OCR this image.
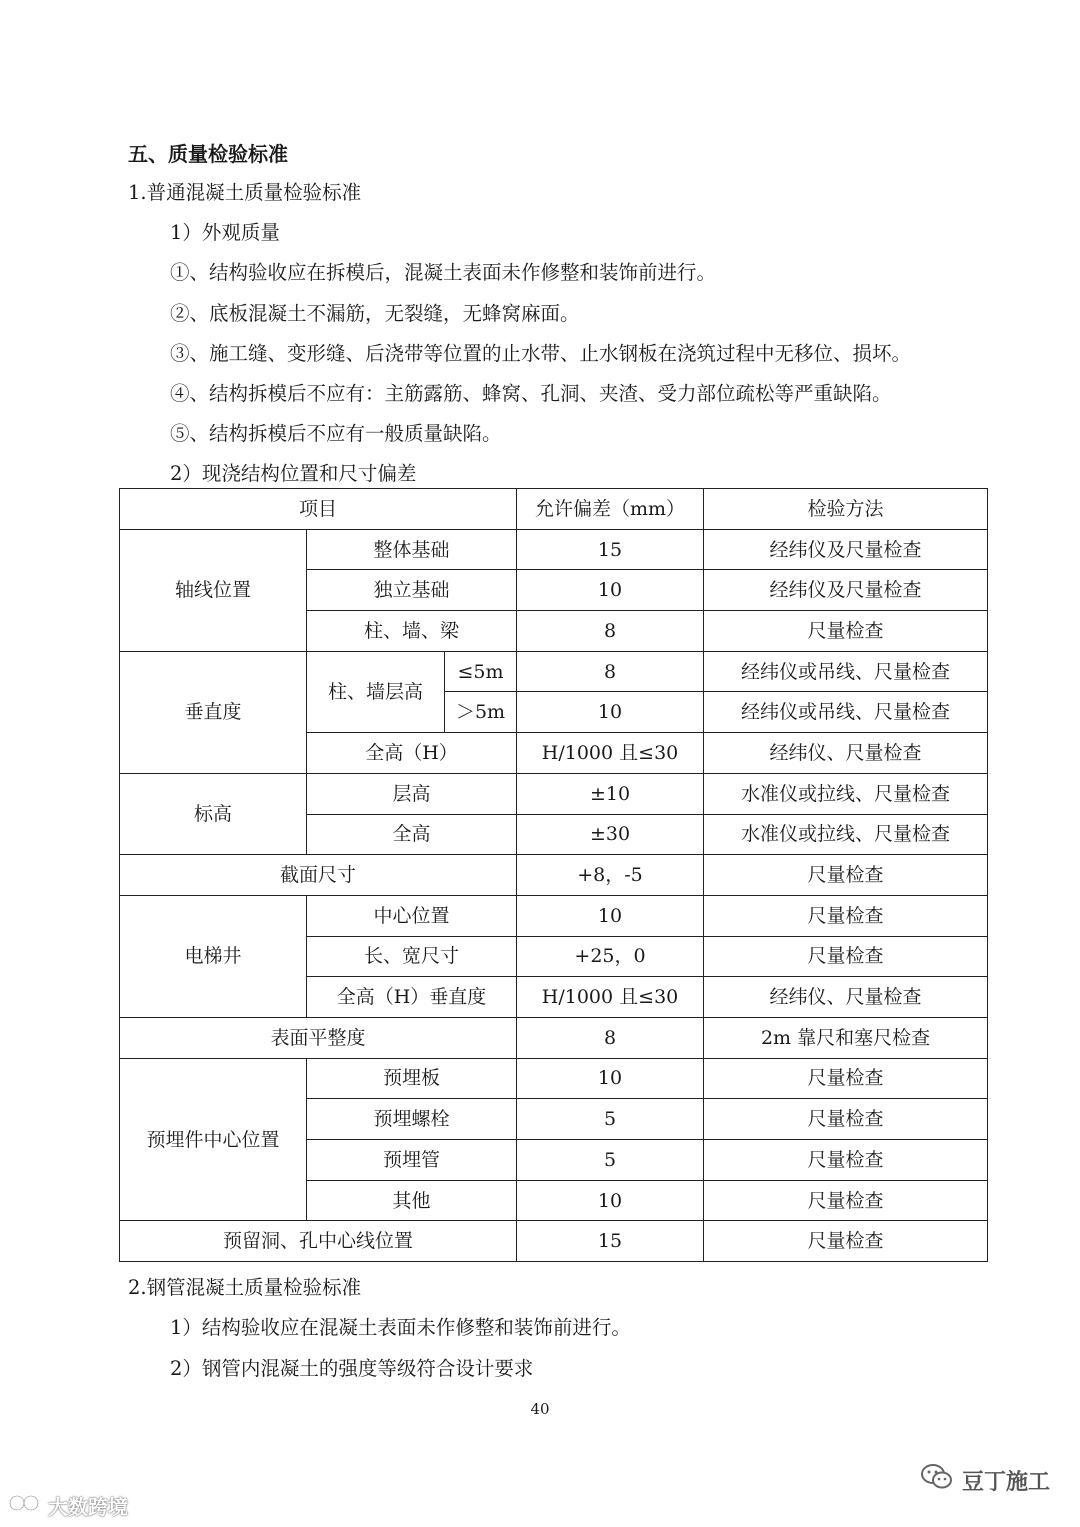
五、质量检验标准
1.普通混凝土质量检验标准
1）外观质量
①、结构验收应在拆模后，混凝土表面未作修整和装饰前进行。
②、底板混凝土不漏筋，无裂缝，无蜂窝麻面。
③、施工缝、变形缝、后浇带等位置的止水带、止水钢板在浇筑过程中无移位、损坏。
④、结构拆模后不应有：主筋露筋、蜂窝、孔洞、夹渣、受力部位疏松等严重缺陷。
⑤、结构拆模后不应有一般质量缺陷。
2）现浇结构位置和尺寸偏差
项目			允许偏差（mm）	检验方法
轴线位置	整体基础		15	经纬仪及尺量检查
	独立基础		10	经纬仪及尺量检查
	柱、墙、梁		8	尺量检查
垂直度	柱、墙层高	≤5m	8	经纬仪或吊线、尺量检查
		＞5m	10	经纬仪或吊线、尺量检查
	全高（H）		H/1000 且≤30	经纬仪、尺量检查
标高	层高		±10	水准仪或拉线、尺量检查
	全高		±30	水准仪或拉线、尺量检查
截面尺寸			+8，-5	尺量检查
电梯井	中心位置		10	尺量检查
	长、宽尺寸		+25，0	尺量检查
	全高（H）垂直度		H/1000 且≤30	经纬仪、尺量检查
表面平整度			8	2m 靠尺和塞尺检查
预埋件中心位置	预埋板		10	尺量检查
	预埋螺栓		5	尺量检查
	预埋管		5	尺量检查
	其他		10	尺量检查
预留洞、孔中心线位置			15	尺量检查
2.钢管混凝土质量检验标准
1）结构验收应在混凝土表面未作修整和装饰前进行。
2）钢管内混凝土的强度等级符合设计要求
40
豆丁施工
大数跨境
